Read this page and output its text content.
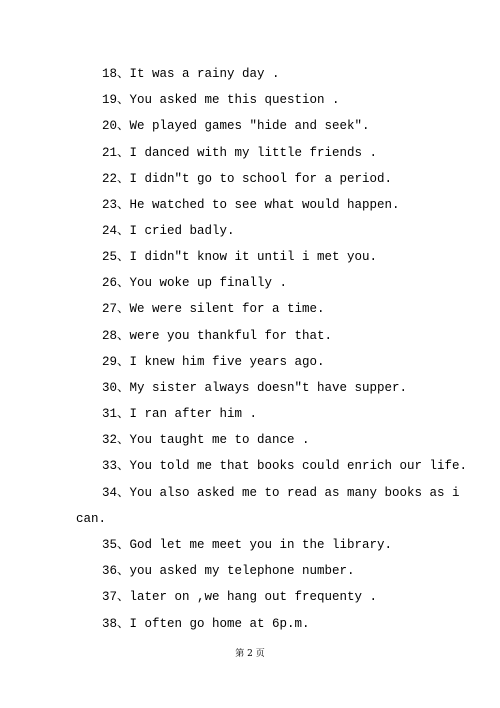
18、It was a rainy day .
19、You asked me this question .
20、We played games "hide and seek".
21、I danced with my little friends .
22、I didn"t go to school for a period.
23、He watched to see what would happen.
24、I cried badly.
25、I didn"t know it until i met you.
26、You woke up finally .
27、We were silent for a time.
28、were you thankful for that.
29、I knew him five years ago.
30、My sister always doesn"t have supper.
31、I ran after him .
32、You taught me to dance .
33、You told me that books could enrich our life.
34、You also asked me to read as many books as i
can.
35、God let me meet you in the library.
36、you asked my telephone number.
37、later on ,we hang out frequenty .
38、I often go home at 6p.m.
第 2 页
